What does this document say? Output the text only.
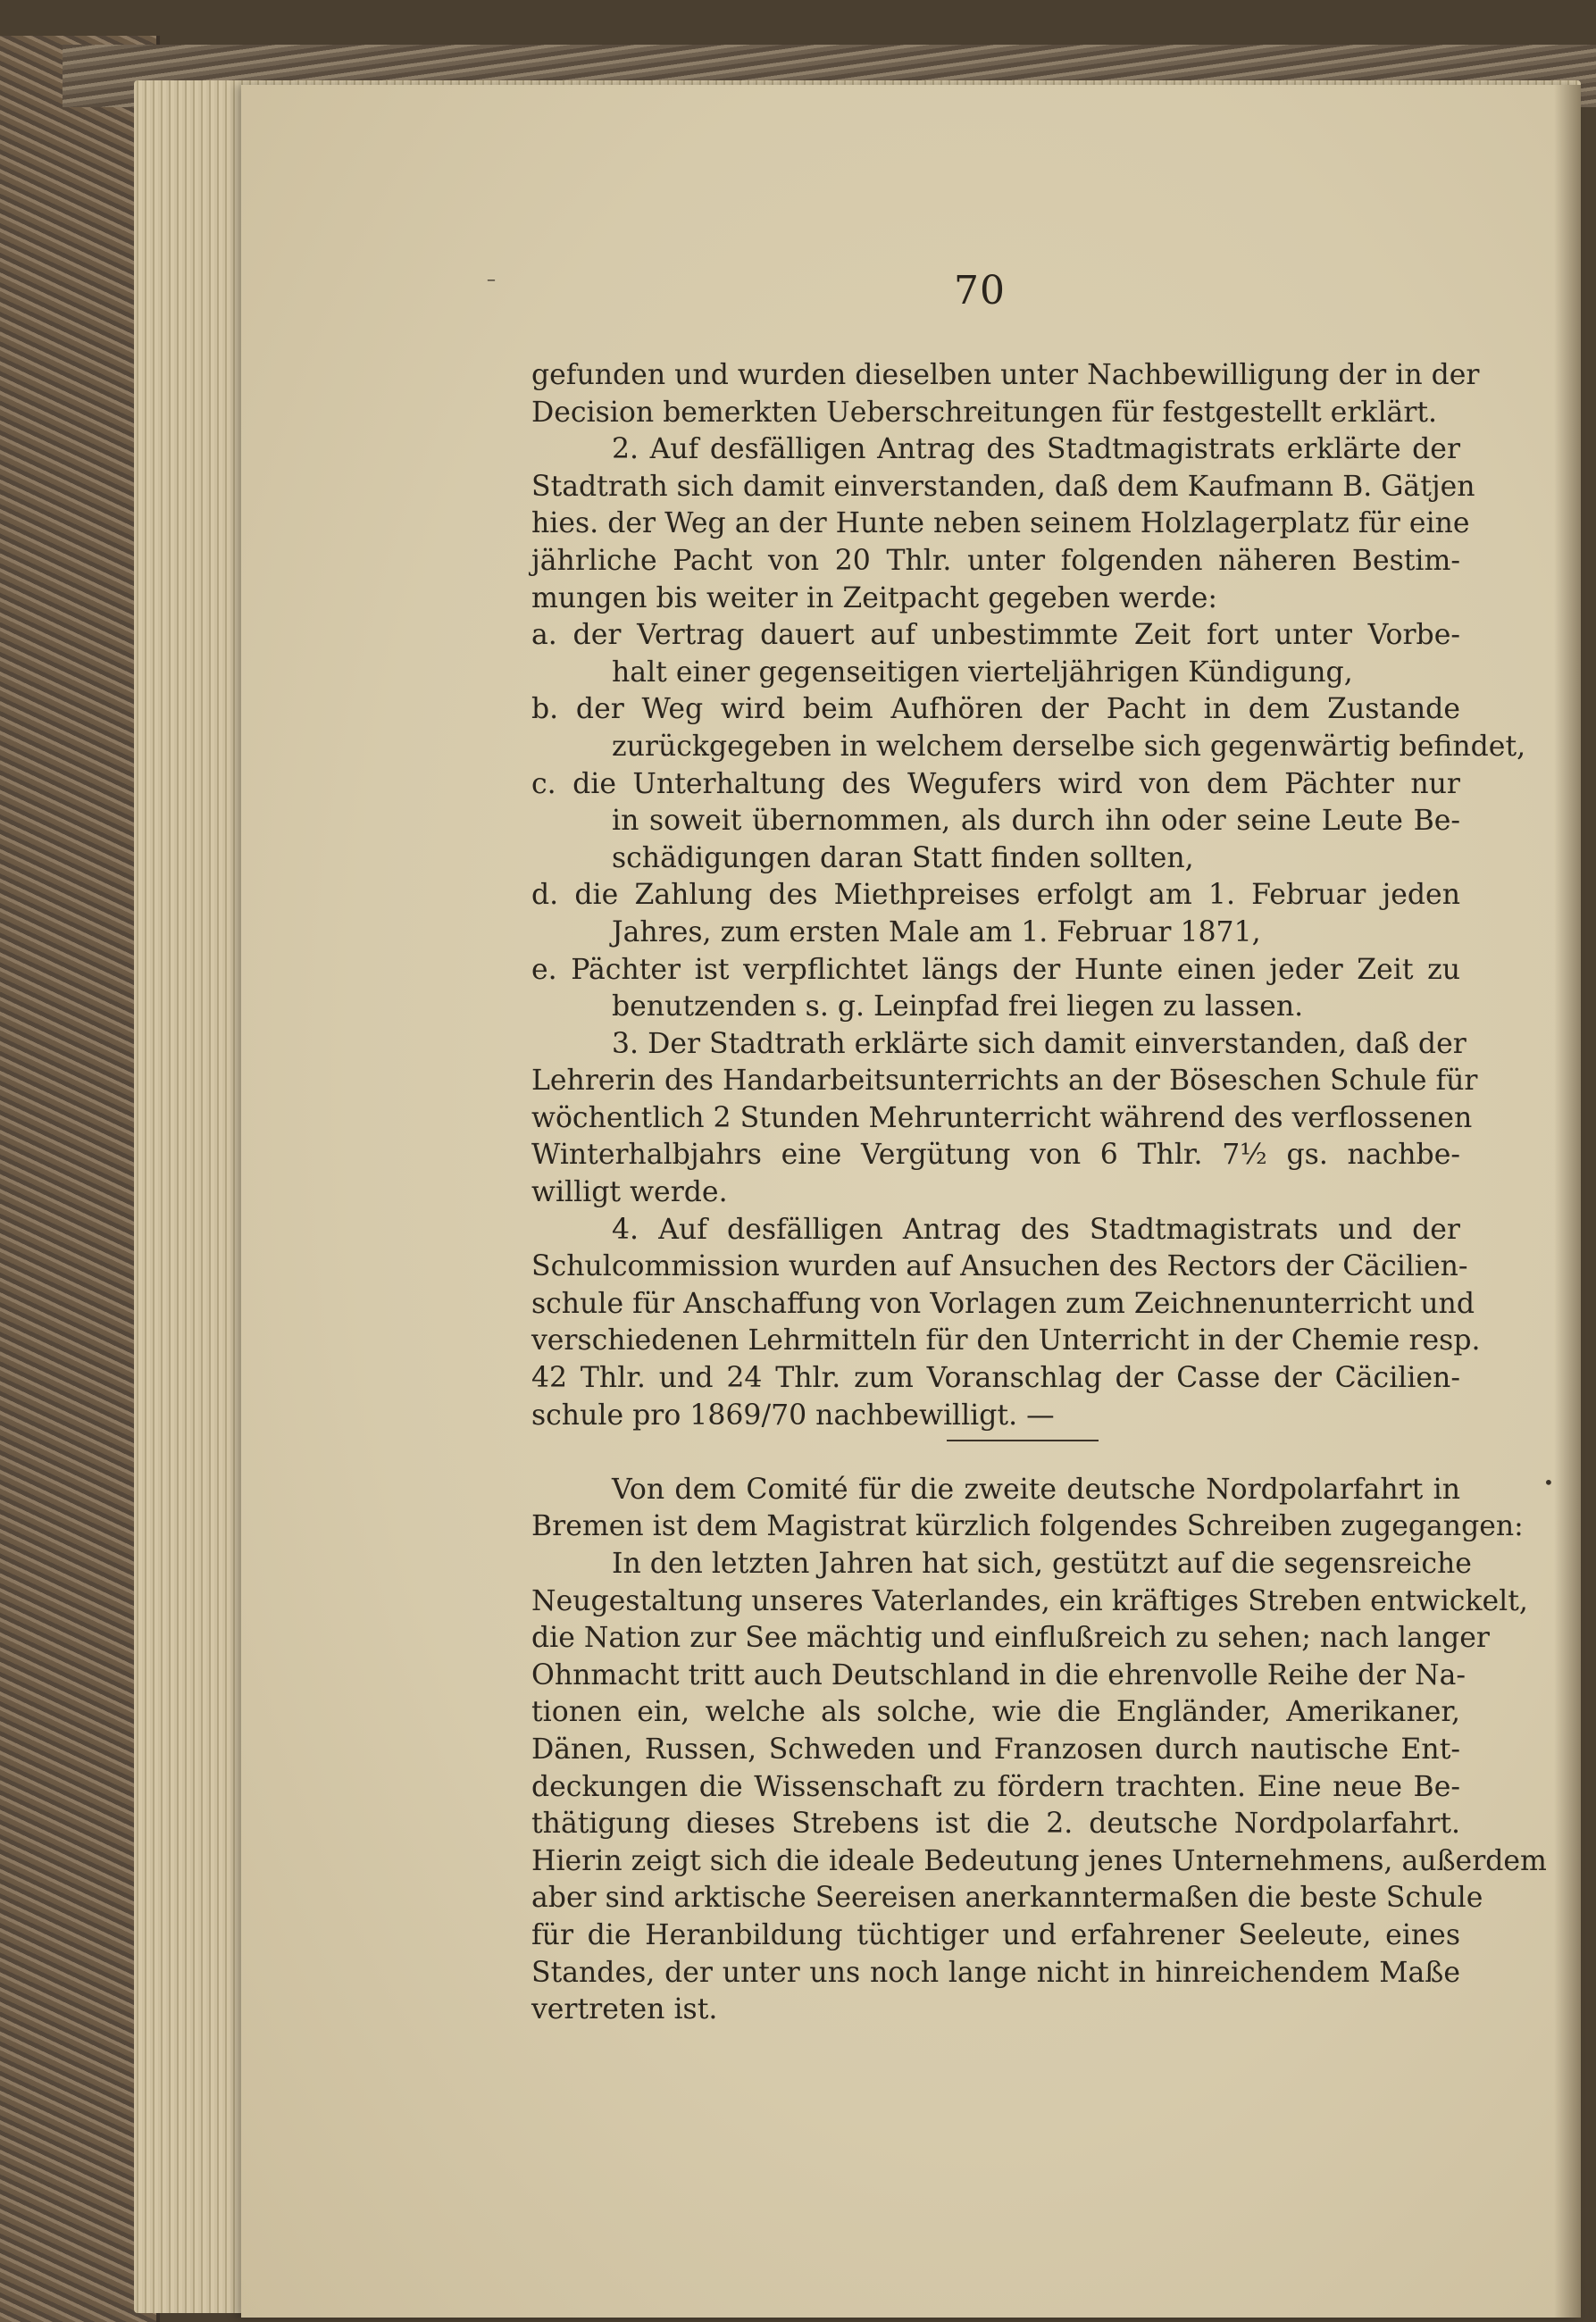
70
gefunden und wurden dieselben unter Nachbewilligung der in der
Decision bemerkten Ueberschreitungen für festgestellt erklärt.
2. Auf desfälligen Antrag des Stadtmagistrats erklärte der
Stadtrath sich damit einverstanden, daß dem Kaufmann B. Gätjen
hies. der Weg an der Hunte neben seinem Holzlagerplatz für eine
jährliche Pacht von 20 Thlr. unter folgenden näheren Bestim-
mungen bis weiter in Zeitpacht gegeben werde:
a. der Vertrag dauert auf unbestimmte Zeit fort unter Vorbe-
halt einer gegenseitigen vierteljährigen Kündigung,
b. der Weg wird beim Aufhören der Pacht in dem Zustande
zurückgegeben in welchem derselbe sich gegenwärtig befindet,
c. die Unterhaltung des Wegufers wird von dem Pächter nur
in soweit übernommen, als durch ihn oder seine Leute Be-
schädigungen daran Statt finden sollten,
d. die Zahlung des Miethpreises erfolgt am 1. Februar jeden
Jahres, zum ersten Male am 1. Februar 1871,
e. Pächter ist verpflichtet längs der Hunte einen jeder Zeit zu
benutzenden s. g. Leinpfad frei liegen zu lassen.
3. Der Stadtrath erklärte sich damit einverstanden, daß der
Lehrerin des Handarbeitsunterrichts an der Böseschen Schule für
wöchentlich 2 Stunden Mehrunterricht während des verflossenen
Winterhalbjahrs eine Vergütung von 6 Thlr. 7½ gs. nachbe-
willigt werde.
4. Auf desfälligen Antrag des Stadtmagistrats und der
Schulcommission wurden auf Ansuchen des Rectors der Cäcilien-
schule für Anschaffung von Vorlagen zum Zeichnenunterricht und
verschiedenen Lehrmitteln für den Unterricht in der Chemie resp.
42 Thlr. und 24 Thlr. zum Voranschlag der Casse der Cäcilien-
schule pro 1869/70 nachbewilligt. —
Von dem Comité für die zweite deutsche Nordpolarfahrt in
Bremen ist dem Magistrat kürzlich folgendes Schreiben zugegangen:
In den letzten Jahren hat sich, gestützt auf die segensreiche
Neugestaltung unseres Vaterlandes, ein kräftiges Streben entwickelt,
die Nation zur See mächtig und einflußreich zu sehen; nach langer
Ohnmacht tritt auch Deutschland in die ehrenvolle Reihe der Na-
tionen ein, welche als solche, wie die Engländer, Amerikaner,
Dänen, Russen, Schweden und Franzosen durch nautische Ent-
deckungen die Wissenschaft zu fördern trachten. Eine neue Be-
thätigung dieses Strebens ist die 2. deutsche Nordpolarfahrt.
Hierin zeigt sich die ideale Bedeutung jenes Unternehmens, außerdem
aber sind arktische Seereisen anerkanntermaßen die beste Schule
für die Heranbildung tüchtiger und erfahrener Seeleute, eines
Standes, der unter uns noch lange nicht in hinreichendem Maße
vertreten ist.
–
•
